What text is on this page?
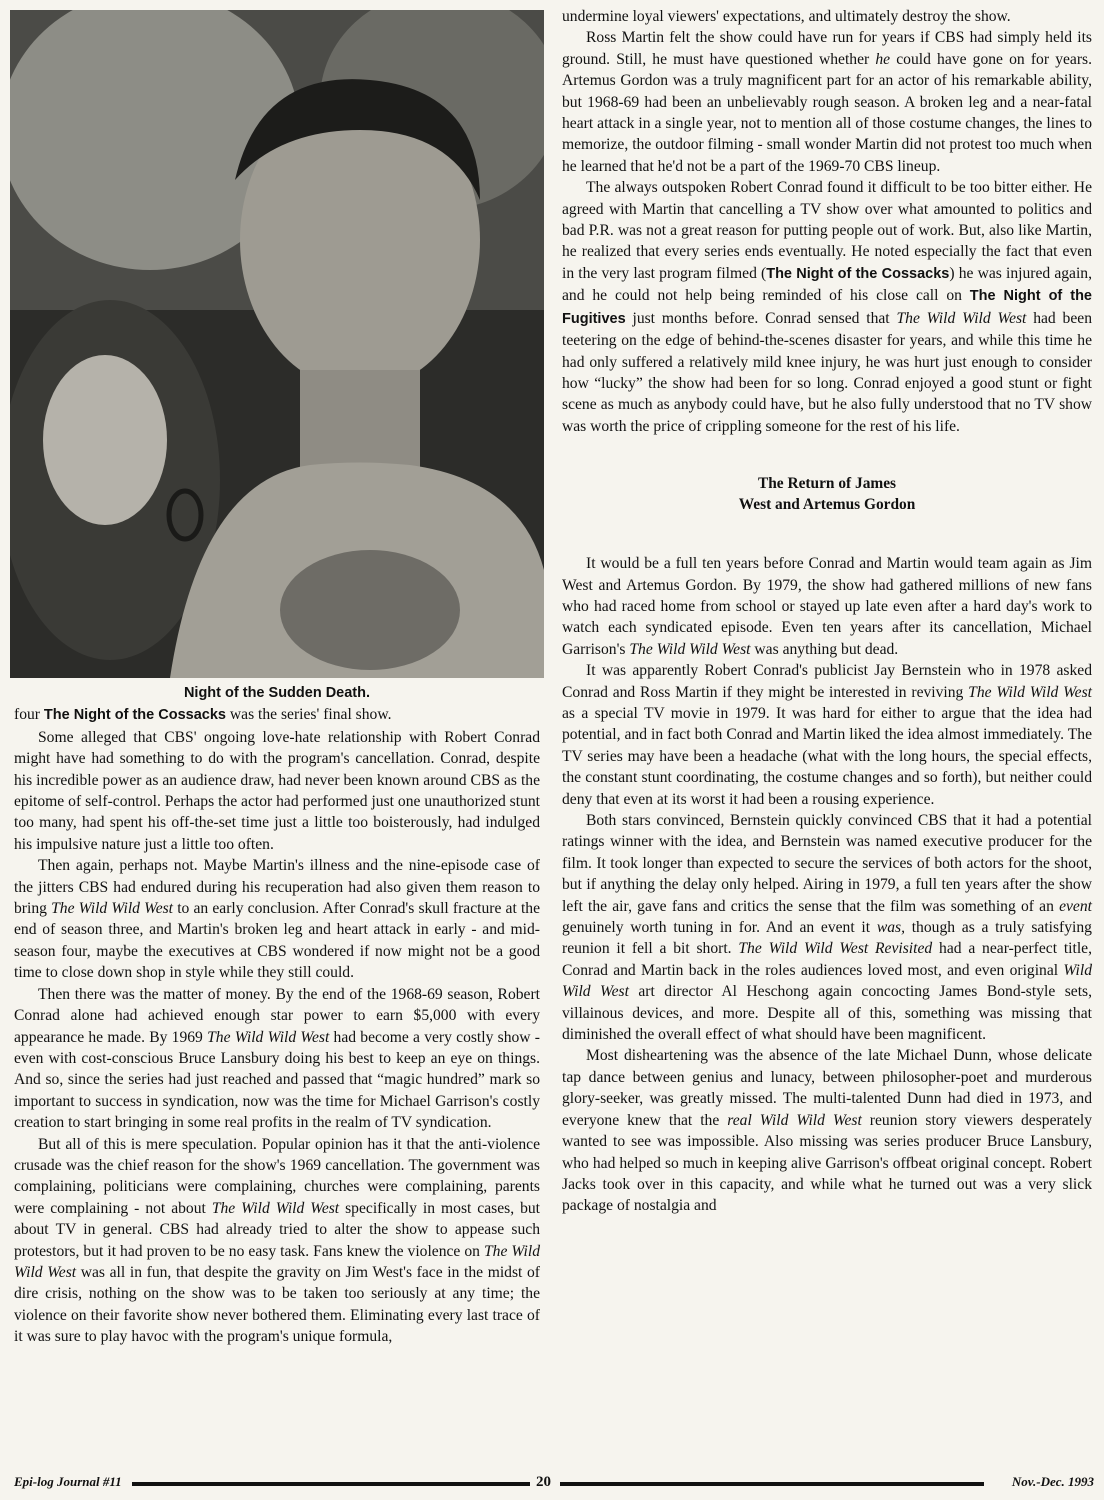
Night of the Sudden Death.

four The Night of the Cossacks was the series' final show.

Some alleged that CBS' ongoing love-hate relationship with Robert Conrad might have had something to do with the program's cancellation. Conrad, despite his incredible power as an audience draw, had never been known around CBS as the epitome of self-control. Perhaps the actor had performed just one unauthorized stunt too many, had spent his off-the-set time just a little too boisterously, had indulged his impulsive nature just a little too often.

Then again, perhaps not. Maybe Martin's illness and the nine-episode case of the jitters CBS had endured during his recuperation had also given them reason to bring The Wild Wild West to an early conclusion. After Conrad's skull fracture at the end of season three, and Martin's broken leg and heart attack in early - and mid-season four, maybe the executives at CBS wondered if now might not be a good time to close down shop in style while they still could.

Then there was the matter of money. By the end of the 1968-69 season, Robert Conrad alone had achieved enough star power to earn $5,000 with every appearance he made. By 1969 The Wild Wild West had become a very costly show - even with cost-conscious Bruce Lansbury doing his best to keep an eye on things. And so, since the series had just reached and passed that “magic hundred” mark so important to success in syndication, now was the time for Michael Garrison's costly creation to start bringing in some real profits in the realm of TV syndication.

But all of this is mere speculation. Popular opinion has it that the anti-violence crusade was the chief reason for the show's 1969 cancellation. The government was complaining, politicians were complaining, churches were complaining, parents were complaining - not about The Wild Wild West specifically in most cases, but about TV in general. CBS had already tried to alter the show to appease such protestors, but it had proven to be no easy task. Fans knew the violence on The Wild Wild West was all in fun, that despite the gravity on Jim West's face in the midst of dire crisis, nothing on the show was to be taken too seriously at any time; the violence on their favorite show never bothered them. Eliminating every last trace of it was sure to play havoc with the program's unique formula,

undermine loyal viewers' expectations, and ultimately destroy the show.

Ross Martin felt the show could have run for years if CBS had simply held its ground. Still, he must have questioned whether he could have gone on for years. Artemus Gordon was a truly magnificent part for an actor of his remarkable ability, but 1968-69 had been an unbelievably rough season. A broken leg and a near-fatal heart attack in a single year, not to mention all of those costume changes, the lines to memorize, the outdoor filming - small wonder Martin did not protest too much when he learned that he'd not be a part of the 1969-70 CBS lineup.

The always outspoken Robert Conrad found it difficult to be too bitter either. He agreed with Martin that cancelling a TV show over what amounted to politics and bad P.R. was not a great reason for putting people out of work. But, also like Martin, he realized that every series ends eventually. He noted especially the fact that even in the very last program filmed (The Night of the Cossacks) he was injured again, and he could not help being reminded of his close call on The Night of the Fugitives just months before. Conrad sensed that The Wild Wild West had been teetering on the edge of behind-the-scenes disaster for years, and while this time he had only suffered a relatively mild knee injury, he was hurt just enough to consider how “lucky” the show had been for so long. Conrad enjoyed a good stunt or fight scene as much as anybody could have, but he also fully understood that no TV show was worth the price of crippling someone for the rest of his life.

The Return of James
West and Artemus Gordon

It would be a full ten years before Conrad and Martin would team again as Jim West and Artemus Gordon. By 1979, the show had gathered millions of new fans who had raced home from school or stayed up late even after a hard day's work to watch each syndicated episode. Even ten years after its cancellation, Michael Garrison's The Wild Wild West was anything but dead.

It was apparently Robert Conrad's publicist Jay Bernstein who in 1978 asked Conrad and Ross Martin if they might be interested in reviving The Wild Wild West as a special TV movie in 1979. It was hard for either to argue that the idea had potential, and in fact both Conrad and Martin liked the idea almost immediately. The TV series may have been a headache (what with the long hours, the special effects, the constant stunt coordinating, the costume changes and so forth), but neither could deny that even at its worst it had been a rousing experience.

Both stars convinced, Bernstein quickly convinced CBS that it had a potential ratings winner with the idea, and Bernstein was named executive producer for the film. It took longer than expected to secure the services of both actors for the shoot, but if anything the delay only helped. Airing in 1979, a full ten years after the show left the air, gave fans and critics the sense that the film was something of an event genuinely worth tuning in for. And an event it was, though as a truly satisfying reunion it fell a bit short. The Wild Wild West Revisited had a near-perfect title, Conrad and Martin back in the roles audiences loved most, and even original Wild Wild West art director Al Heschong again concocting James Bond-style sets, villainous devices, and more. Despite all of this, something was missing that diminished the overall effect of what should have been magnificent.

Most disheartening was the absence of the late Michael Dunn, whose delicate tap dance between genius and lunacy, between philosopher-poet and murderous glory-seeker, was greatly missed. The multi-talented Dunn had died in 1973, and everyone knew that the real Wild Wild West reunion story viewers desperately wanted to see was impossible. Also missing was series producer Bruce Lansbury, who had helped so much in keeping alive Garrison's offbeat original concept. Robert Jacks took over in this capacity, and while what he turned out was a very slick package of nostalgia and

Epi-log Journal #11	20	Nov.-Dec. 1993
